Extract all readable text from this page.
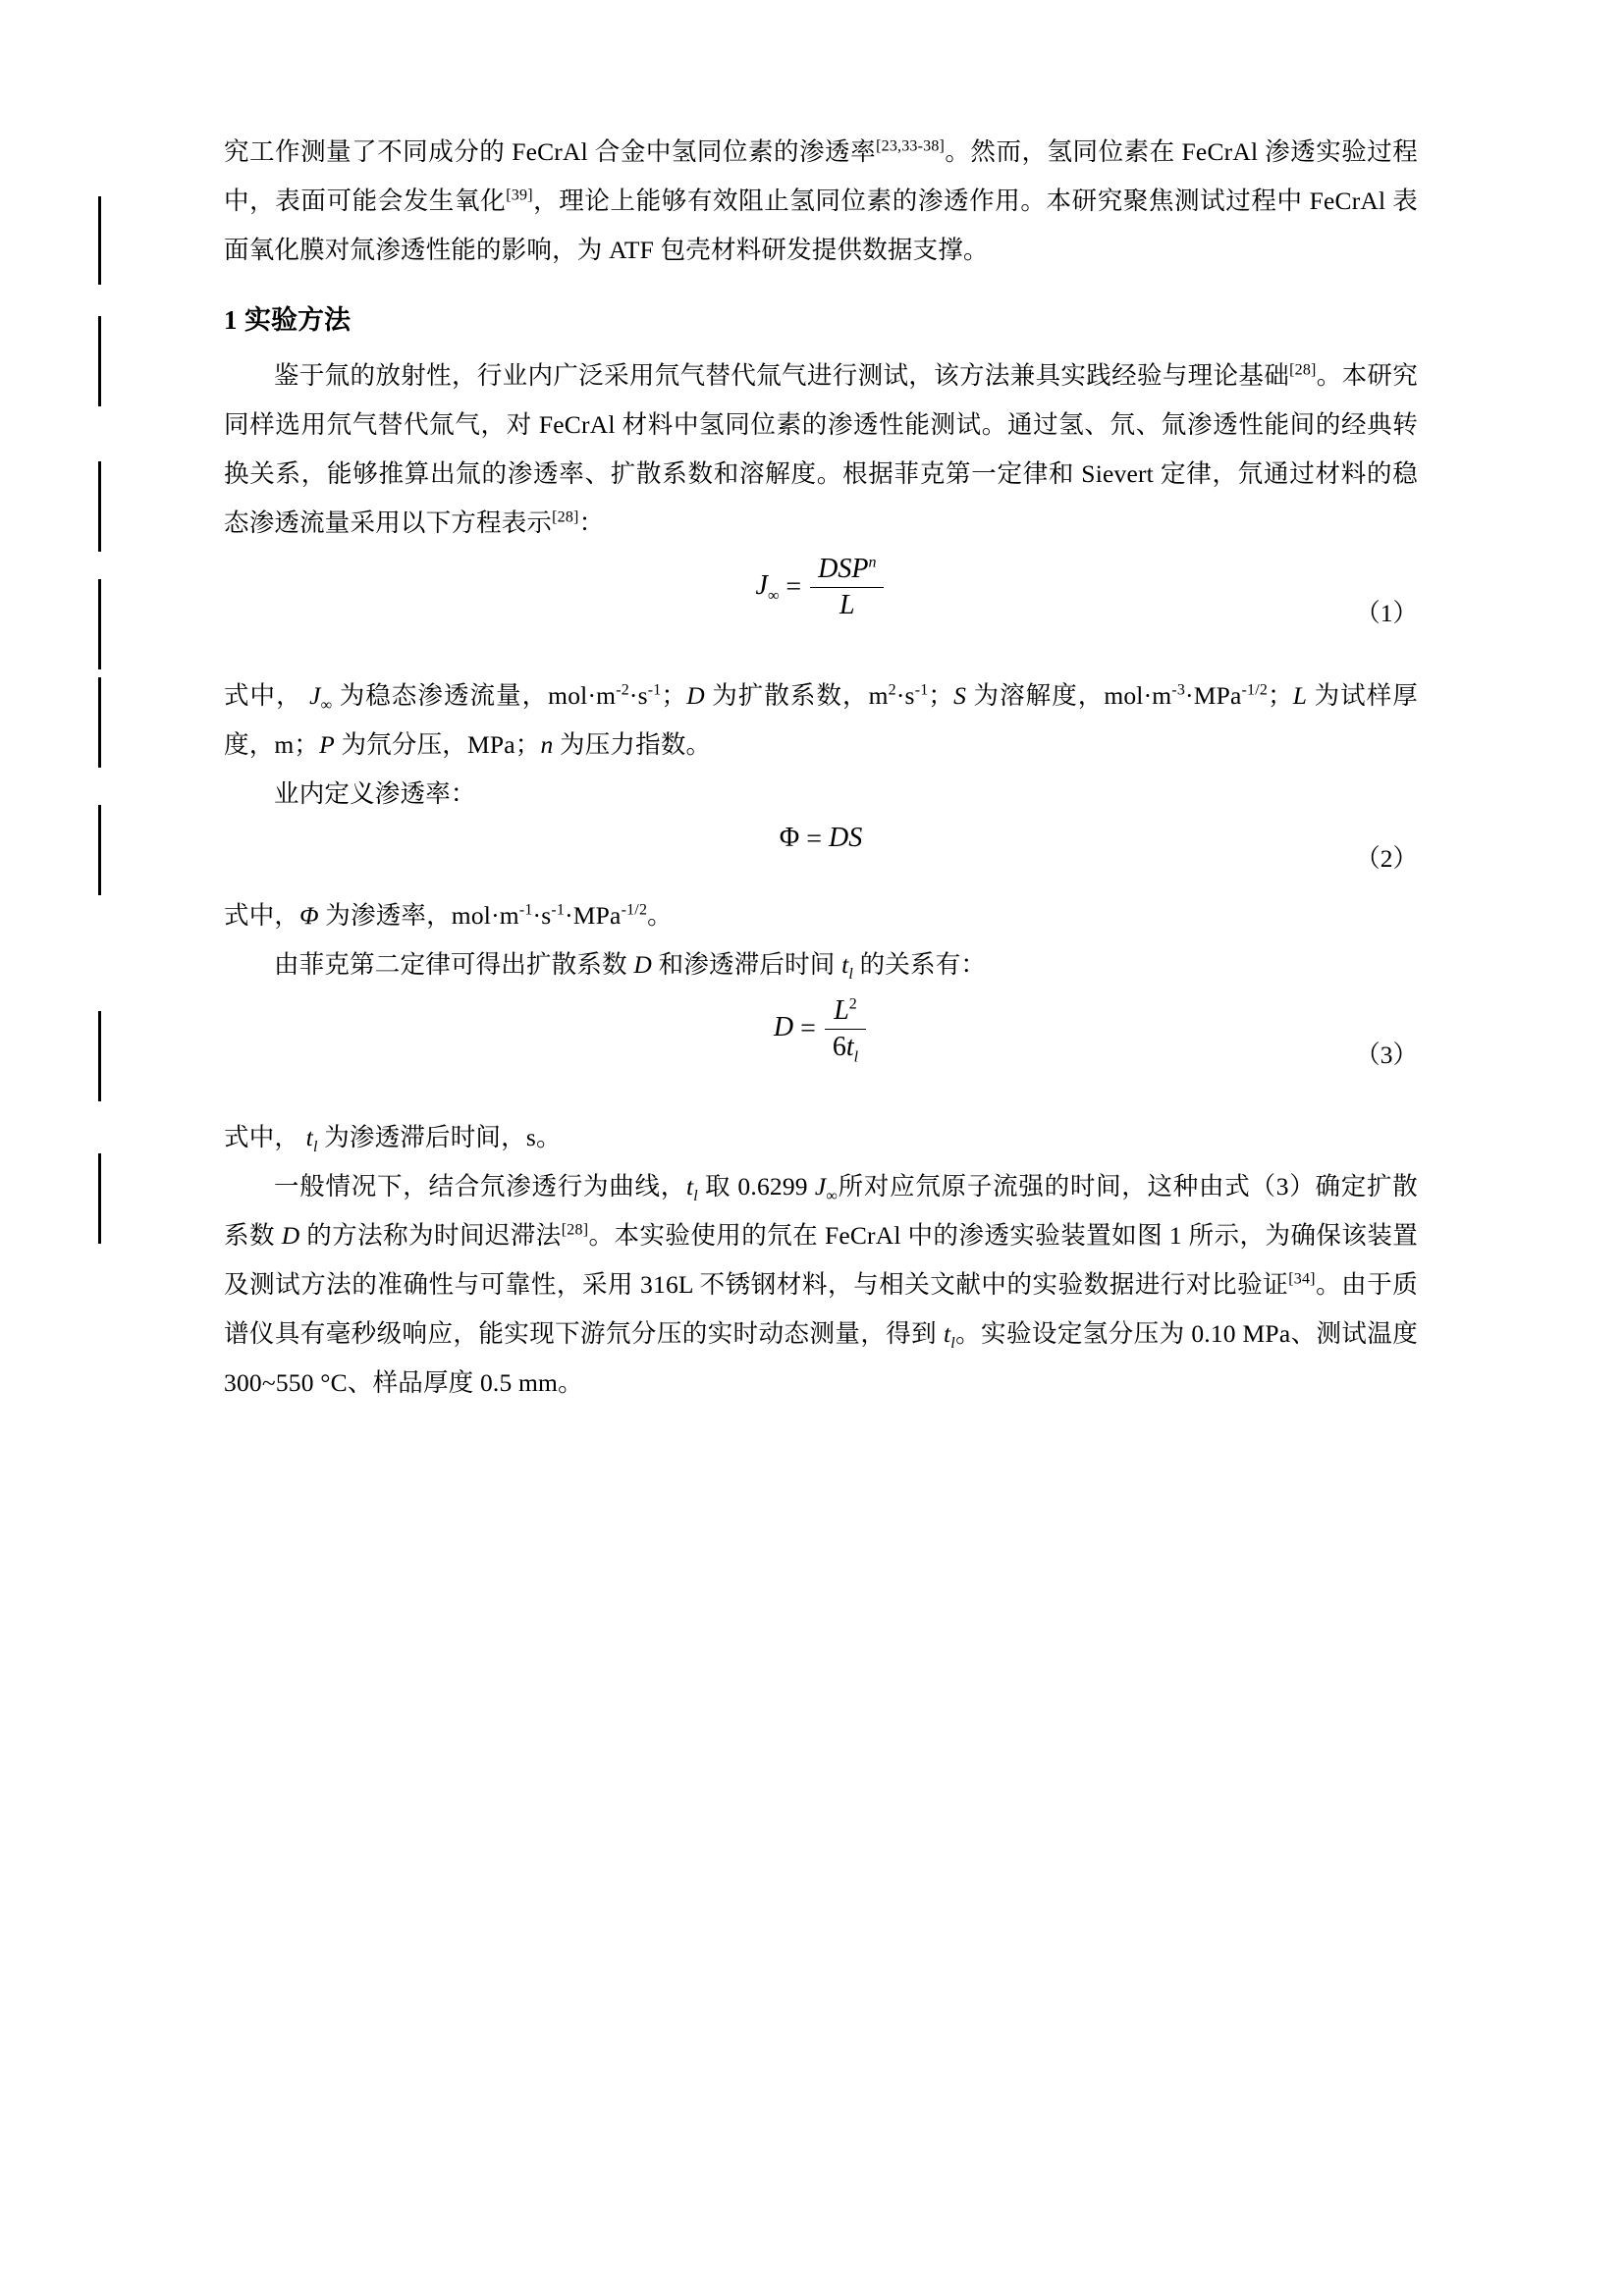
究工作测量了不同成分的 FeCrAl 合金中氢同位素的渗透率[23,33-38]。然而，氢同位素在 FeCrAl 渗透实验过程中，表面可能会发生氧化[39]，理论上能够有效阻止氢同位素的渗透作用。本研究聚焦测试过程中 FeCrAl 表面氧化膜对氚渗透性能的影响，为 ATF 包壳材料研发提供数据支撑。

1 实验方法

鉴于氚的放射性，行业内广泛采用氘气替代氚气进行测试，该方法兼具实践经验与理论基础[28]。本研究同样选用氘气替代氚气，对 FeCrAl 材料中氢同位素的渗透性能测试。通过氢、氘、氚渗透性能间的经典转换关系，能够推算出氚的渗透率、扩散系数和溶解度。根据菲克第一定律和 Sievert 定律，氘通过材料的稳态渗透流量采用以下方程表示[28]：

$J_\infty = \frac{DSP^n}{L}$	（1）

式中， $J_\infty$ 为稳态渗透流量，$mol\cdot m^{-2}\cdot s^{-1}$；D 为扩散系数，$m^2\cdot s^{-1}$；S 为溶解度，$mol\cdot m^{-3}\cdot MPa^{-1/2}$；L 为试样厚度，m；P 为氘分压，MPa；n 为压力指数。

业内定义渗透率：

Φ = DS
（2）

式中，Φ 为渗透率，$mol\cdot m^{-1}\cdot s^{-1}\cdot MPa^{-1/2}$。

由菲克第二定律可得出扩散系数 D 和渗透滞后时间 $t_l$ 的关系有：

$D = \frac{L^2}{6t_l}$	（3）

式中， $t_l$ 为渗透滞后时间，s。

一般情况下，结合氘渗透行为曲线，$t_l$ 取 0.6299 $J_\infty$所对应氘原子流强的时间，这种由式（3）确定扩散系数 D 的方法称为时间迟滞法[28]。本实验使用的氘在 FeCrAl 中的渗透实验装置如图 1 所示，为确保该装置及测试方法的准确性与可靠性，采用 316L 不锈钢材料，与相关文献中的实验数据进行对比验证[34]。由于质谱仪具有毫秒级响应，能实现下游氘分压的实时动态测量，得到 $t_l$。实验设定氢分压为 0.10 MPa、测试温度 300~550 °C、样品厚度 0.5 mm。
